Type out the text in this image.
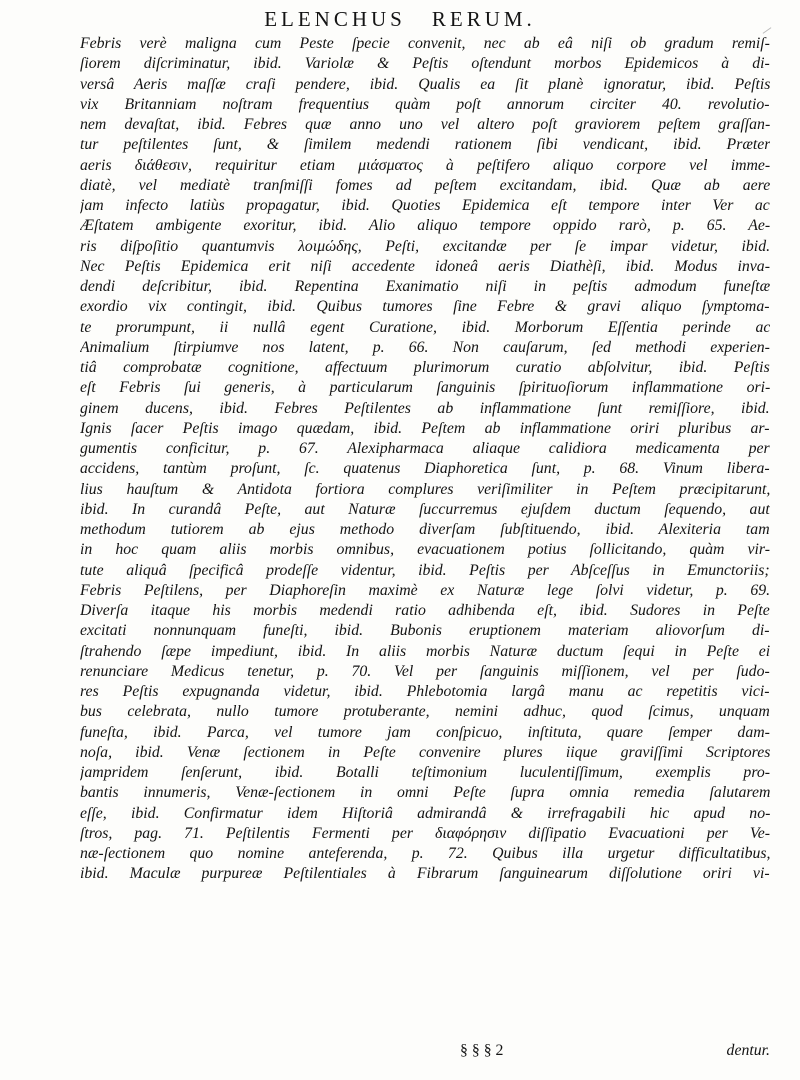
ELENCHUS RERUM.
Febris verè maligna cum Peste ſpecie convenit, nec ab eâ niſi ob gradum remiſ-
ſiorem diſcriminatur, ibid. Variolæ & Peſtis oſtendunt morbos Epidemicos à di-
versâ Aeris maſſæ craſi pendere, ibid. Qualis ea ſit planè ignoratur, ibid. Peſtis
vix Britanniam noſtram frequentius quàm poſt annorum circiter 40. revolutio-
nem devaſtat, ibid. Febres quæ anno uno vel altero poſt graviorem peſtem graſſan-
tur peſtilentes ſunt, & ſimilem medendi rationem ſibi vendicant, ibid. Præter
aeris διάθεσιν, requiritur etiam μιάσματος à peſtifero aliquo corpore vel imme-
diatè, vel mediatè tranſmiſſi fomes ad peſtem excitandam, ibid. Quæ ab aere
jam infecto latiùs propagatur, ibid. Quoties Epidemica eſt tempore inter Ver ac
Æſtatem ambigente exoritur, ibid. Alio aliquo tempore oppido rarò, p. 65. Ae-
ris diſpoſitio quantumvis λοιμώδης, Peſti, excitandæ per ſe impar videtur, ibid.
Nec Peſtis Epidemica erit niſi accedente idoneâ aeris Diathèſi, ibid. Modus inva-
dendi deſcribitur, ibid. Repentina Exanimatio niſi in peſtis admodum funeſtæ
exordio vix contingit, ibid. Quibus tumores ſine Febre & gravi aliquo ſymptoma-
te prorumpunt, ii nullâ egent Curatione, ibid. Morborum Eſſentia perinde ac
Animalium ſtirpiumve nos latent, p. 66. Non cauſarum, ſed methodi experien-
tiâ comprobatæ cognitione, affectuum plurimorum curatio abſolvitur, ibid. Peſtis
eſt Febris ſui generis, à particularum ſanguinis ſpirituoſiorum inflammatione ori-
ginem ducens, ibid. Febres Peſtilentes ab inflammatione ſunt remiſſiore, ibid.
Ignis ſacer Peſtis imago quædam, ibid. Peſtem ab inflammatione oriri pluribus ar-
gumentis conficitur, p. 67. Alexipharmaca aliaque calidiora medicamenta per
accidens, tantùm proſunt, ſc. quatenus Diaphoretica ſunt, p. 68. Vinum libera-
lius hauſtum & Antidota fortiora complures veriſimiliter in Peſtem præcipitarunt,
ibid. In curandâ Peſte, aut Naturæ ſuccurremus ejuſdem ductum ſequendo, aut
methodum tutiorem ab ejus methodo diverſam ſubſtituendo, ibid. Alexiteria tam
in hoc quam aliis morbis omnibus, evacuationem potius ſollicitando, quàm vir-
tute aliquâ ſpecificâ prodeſſe videntur, ibid. Peſtis per Abſceſſus in Emunctoriis;
Febris Peſtilens, per Diaphoreſin maximè ex Naturæ lege ſolvi videtur, p. 69.
Diverſa itaque his morbis medendi ratio adhibenda eſt, ibid. Sudores in Peſte
excitati nonnunquam funeſti, ibid. Bubonis eruptionem materiam aliovorſum di-
ſtrahendo ſæpe impediunt, ibid. In aliis morbis Naturæ ductum ſequi in Peſte ei
renunciare Medicus tenetur, p. 70. Vel per ſanguinis miſſionem, vel per ſudo-
res Peſtis expugnanda videtur, ibid. Phlebotomia largâ manu ac repetitis vici-
bus celebrata, nullo tumore protuberante, nemini adhuc, quod ſcimus, unquam
funeſta, ibid. Parca, vel tumore jam conſpicuo, inſtituta, quare ſemper dam-
noſa, ibid. Venæ ſectionem in Peſte convenire plures iique graviſſimi Scriptores
jampridem ſenſerunt, ibid. Botalli teſtimonium luculentiſſimum, exemplis pro-
bantis innumeris, Venæ-ſectionem in omni Peſte ſupra omnia remedia ſalutarem
eſſe, ibid. Confirmatur idem Hiſtoriâ admirandâ & irrefragabili hic apud no-
ſtros, pag. 71. Peſtilentis Fermenti per διαφόρησιν diſſipatio Evacuationi per Ve-
næ-ſectionem quo nomine anteferenda, p. 72. Quibus illa urgetur difficultatibus,
ibid. Maculæ purpureæ Peſtilentiales à Fibrarum ſanguinearum diſſolutione oriri vi-
§ § § 2	dentur.
